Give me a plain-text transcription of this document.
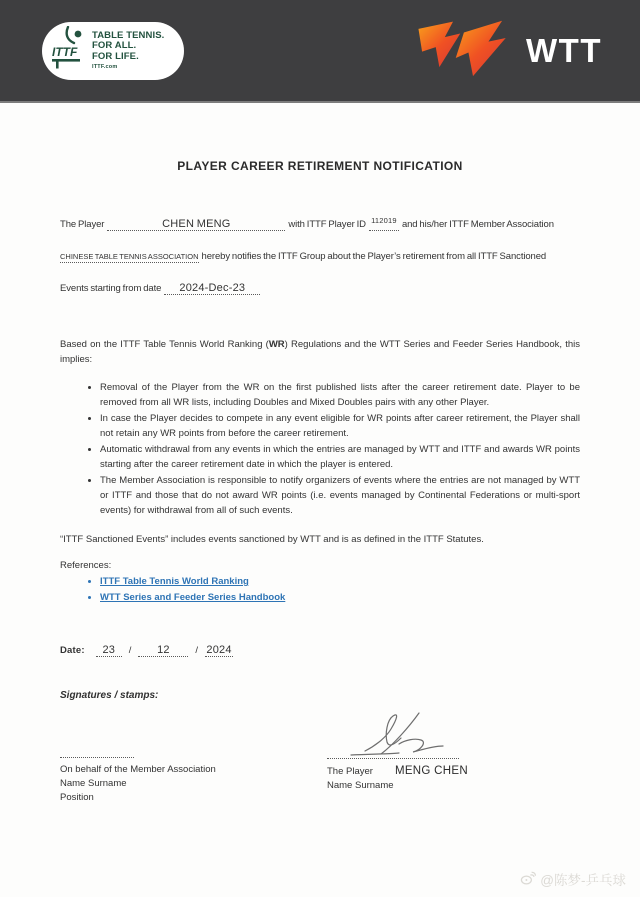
ITTF
TABLE TENNIS.
FOR ALL.
FOR LIFE.
ITTF.com	WTT
PLAYER CAREER RETIREMENT NOTIFICATION
The Player	CHEN MENG	with ITTF Player ID $^{112019}$ and his/her ITTF Member Association
CHINESE TABLE TENNIS ASSOCIATION hereby notifies the ITTF Group about the Player’s retirement from all ITTF Sanctioned
Events starting from date 2024-Dec-23

Based on the ITTF Table Tennis World Ranking (WR) Regulations and the WTT Series and Feeder Series Handbook, this implies:

• Removal of the Player from the WR on the first published lists after the career retirement date. Player to be removed from all WR lists, including Doubles and Mixed Doubles pairs with any other Player.
• In case the Player decides to compete in any event eligible for WR points after career retirement, the Player shall not retain any WR points from before the career retirement.
• Automatic withdrawal from any events in which the entries are managed by WTT and ITTF and awards WR points starting after the career retirement date in which the player is entered.
• The Member Association is responsible to notify organizers of events where the entries are not managed by WTT or ITTF and those that do not award WR points (i.e. events managed by Continental Federations or multi-sport events) for withdrawal from all of such events.

“ITTF Sanctioned Events” includes events sanctioned by WTT and is as defined in the ITTF Statutes.

References:
• ITTF Table Tennis World Ranking
• WTT Series and Feeder Series Handbook
Date: 23 / 12	/ 2024
Signatures / stamps:
On behalf of the Member Association
Name Surname
Position
The Player MENG CHEN
Name Surname
@陈梦-乒乓球
